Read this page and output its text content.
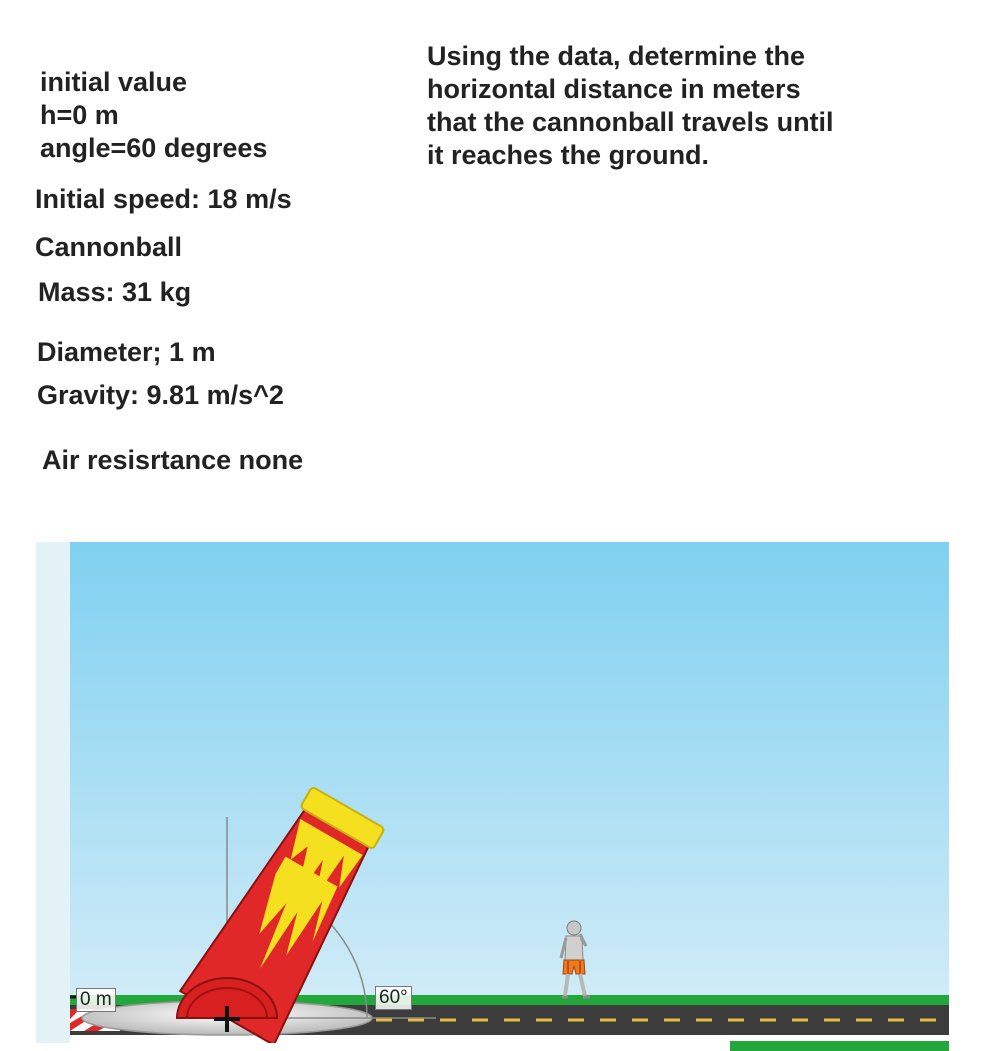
initial value
h=0 m
angle=60 degrees
Initial speed: 18 m/s
Cannonball
Mass: 31 kg
Diameter; 1 m
Gravity: 9.81 m/s^2
Air resisrtance none
Using the data, determine the
horizontal distance in meters
that the cannonball travels until
it reaches the ground.
0 m	60°
